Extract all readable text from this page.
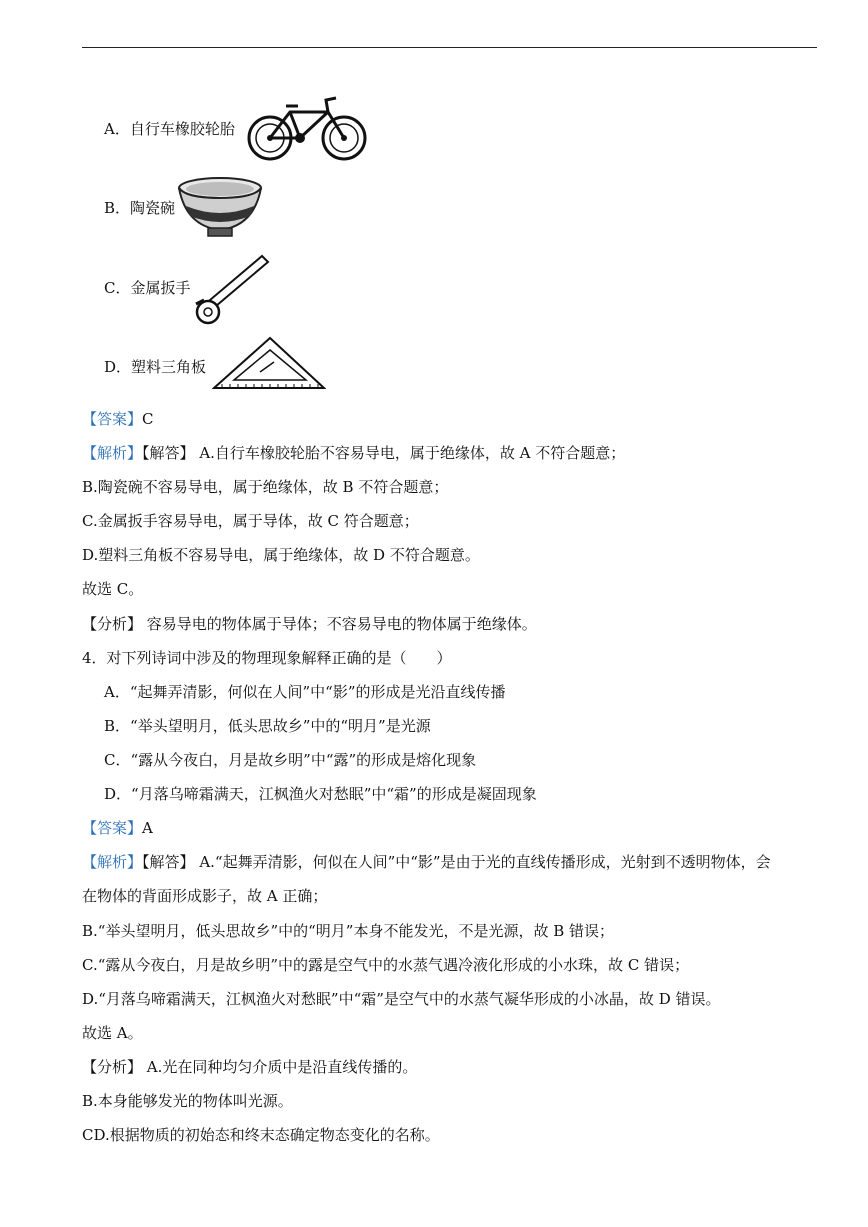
A．自行车橡胶轮胎
B．陶瓷碗
C．金属扳手
D．塑料三角板
【答案】C
【解析】【解答】 A.自行车橡胶轮胎不容易导电，属于绝缘体，故 A 不符合题意；
B.陶瓷碗不容易导电，属于绝缘体，故 B 不符合题意；
C.金属扳手容易导电，属于导体，故 C 符合题意；
D.塑料三角板不容易导电，属于绝缘体，故 D 不符合题意。
故选 C。
【分析】 容易导电的物体属于导体；不容易导电的物体属于绝缘体。
4．对下列诗词中涉及的物理现象解释正确的是（　　）
A．“起舞弄清影，何似在人间”中“影”的形成是光沿直线传播
B．“举头望明月，低头思故乡”中的“明月”是光源
C．“露从今夜白，月是故乡明”中“露”的形成是熔化现象
D．“月落乌啼霜满天，江枫渔火对愁眠”中“霜”的形成是凝固现象
【答案】A
【解析】【解答】 A.“起舞弄清影，何似在人间”中“影”是由于光的直线传播形成，光射到不透明物体，会
在物体的背面形成影子，故 A 正确；
B.“举头望明月，低头思故乡”中的“明月”本身不能发光，不是光源，故 B 错误；
C.“露从今夜白，月是故乡明”中的露是空气中的水蒸气遇冷液化形成的小水珠，故 C 错误；
D.“月落乌啼霜满天，江枫渔火对愁眠”中“霜”是空气中的水蒸气凝华形成的小冰晶，故 D 错误。
故选 A。
【分析】 A.光在同种均匀介质中是沿直线传播的。
B.本身能够发光的物体叫光源。
CD.根据物质的初始态和终末态确定物态变化的名称。
